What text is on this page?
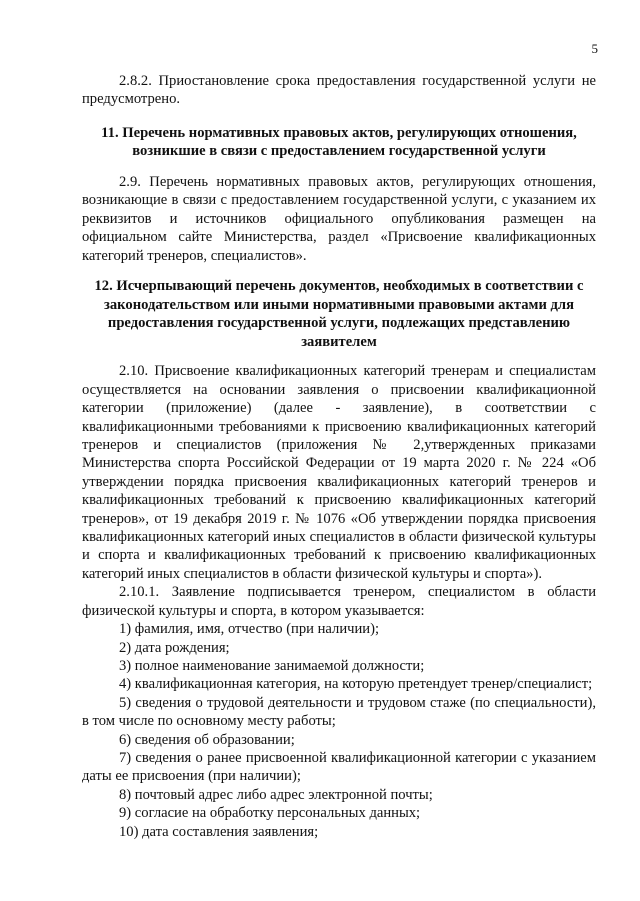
5

2.8.2. Приостановление срока предоставления государственной услуги не предусмотрено.

11. Перечень нормативных правовых актов, регулирующих отношения, возникшие в связи с предоставлением государственной услуги

2.9. Перечень нормативных правовых актов, регулирующих отношения, возникающие в связи с предоставлением государственной услуги, с указанием их реквизитов и источников официального опубликования размещен на официальном сайте Министерства, раздел «Присвоение квалификационных категорий тренеров, специалистов».

12. Исчерпывающий перечень документов, необходимых в соответствии с законодательством или иными нормативными правовыми актами для предоставления государственной услуги, подлежащих представлению заявителем

2.10. Присвоение квалификационных категорий тренерам и специалистам осуществляется на основании заявления о присвоении квалификационной категории (приложение) (далее - заявление), в соответствии с квалификационными требованиями к присвоению квалификационных категорий тренеров и специалистов (приложения № 2,утвержденных приказами Министерства спорта Российской Федерации от 19 марта 2020 г. № 224 «Об утверждении порядка присвоения квалификационных категорий тренеров и квалификационных требований к присвоению квалификационных категорий тренеров», от 19 декабря 2019 г. № 1076 «Об утверждении порядка присвоения квалификационных категорий иных специалистов в области физической культуры и спорта и квалификационных требований к присвоению квалификационных категорий иных специалистов в области физической культуры и спорта»).

2.10.1. Заявление подписывается тренером, специалистом в области физической культуры и спорта, в котором указывается:

1) фамилия, имя, отчество (при наличии);

2) дата рождения;

3) полное наименование занимаемой должности;

4) квалификационная категория, на которую претендует тренер/специалист;

5) сведения о трудовой деятельности и трудовом стаже (по специальности), в том числе по основному месту работы;

6) сведения об образовании;

7) сведения о ранее присвоенной квалификационной категории с указанием даты ее присвоения (при наличии);

8) почтовый адрес либо адрес электронной почты;

9) согласие на обработку персональных данных;

10) дата составления заявления;
